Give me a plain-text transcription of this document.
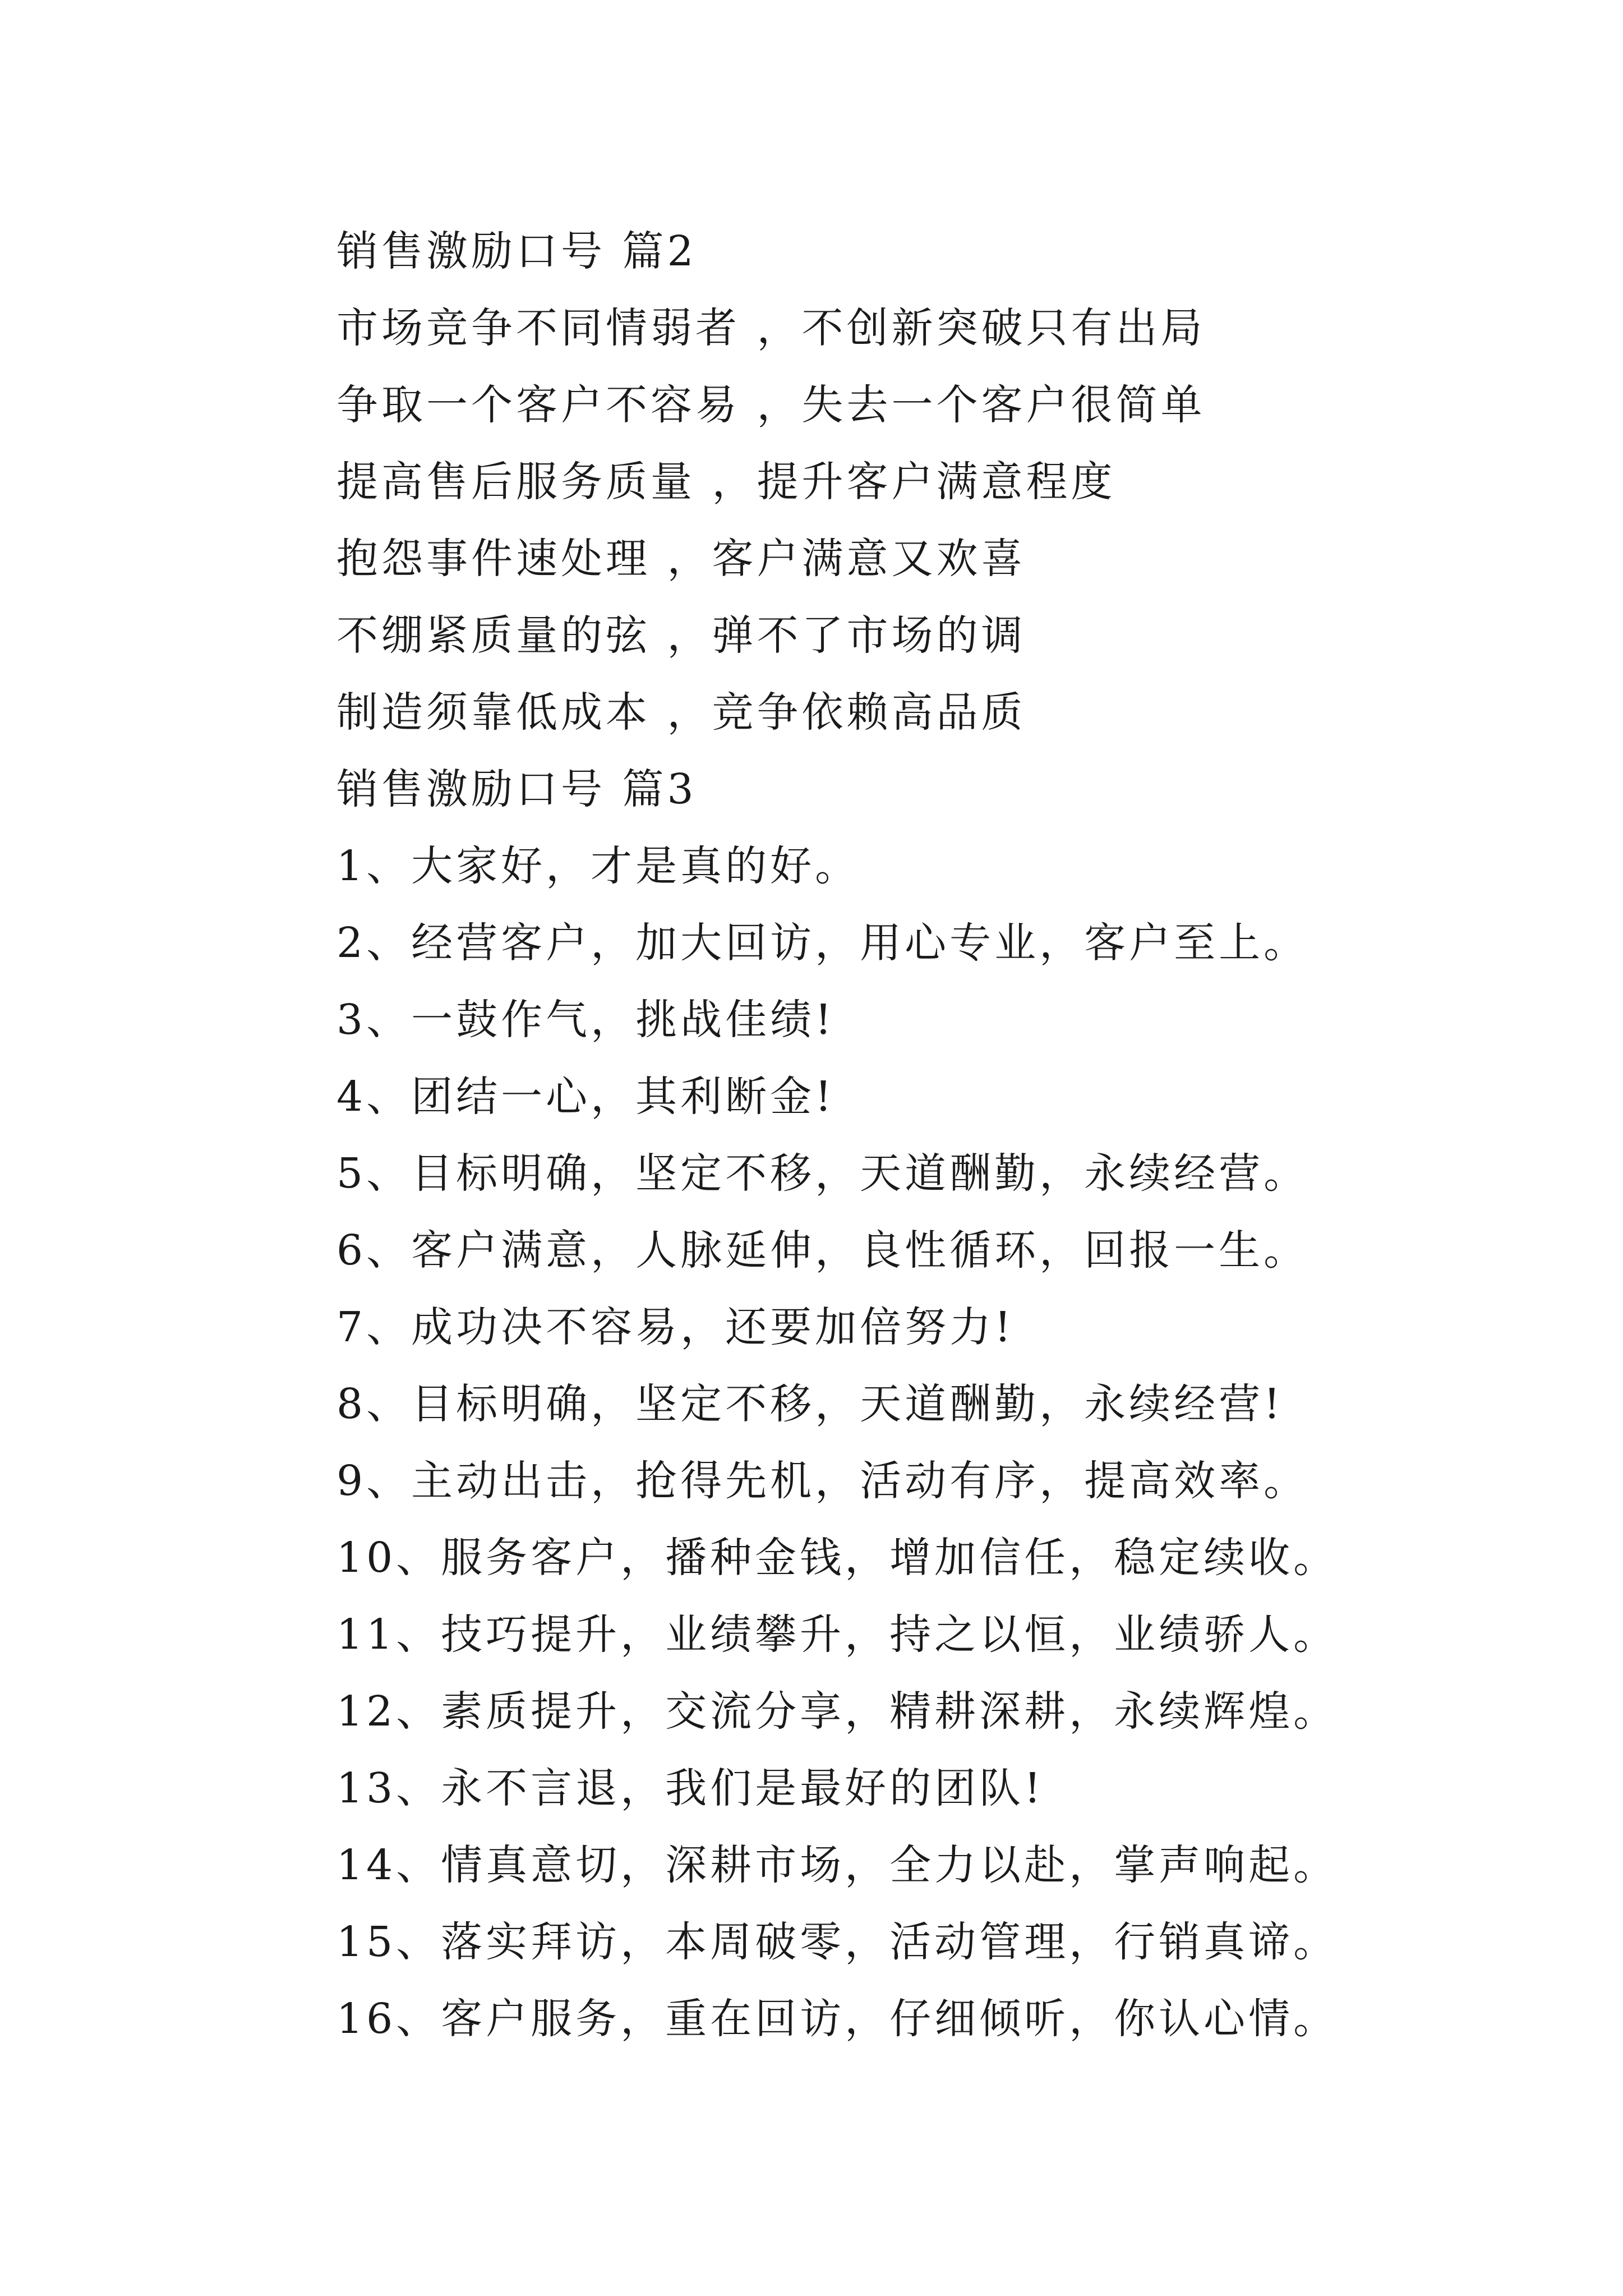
销售激励口号 篇2
市场竞争不同情弱者 ，不创新突破只有出局
争取一个客户不容易 ，失去一个客户很简单
提高售后服务质量 ，提升客户满意程度
抱怨事件速处理 ，客户满意又欢喜
不绷紧质量的弦 ，弹不了市场的调
制造须靠低成本 ，竞争依赖高品质
销售激励口号 篇3
1、大家好，才是真的好。
2、经营客户，加大回访，用心专业，客户至上。
3、一鼓作气，挑战佳绩!
4、团结一心，其利断金!
5、目标明确，坚定不移，天道酬勤，永续经营。
6、客户满意，人脉延伸，良性循环，回报一生。
7、成功决不容易，还要加倍努力!
8、目标明确，坚定不移，天道酬勤，永续经营!
9、主动出击，抢得先机，活动有序，提高效率。
10、服务客户，播种金钱，增加信任，稳定续收。
11、技巧提升，业绩攀升，持之以恒，业绩骄人。
12、素质提升，交流分享，精耕深耕，永续辉煌。
13、永不言退，我们是最好的团队!
14、情真意切，深耕市场，全力以赴，掌声响起。
15、落实拜访，本周破零，活动管理，行销真谛。
16、客户服务，重在回访，仔细倾听，你认心情。
